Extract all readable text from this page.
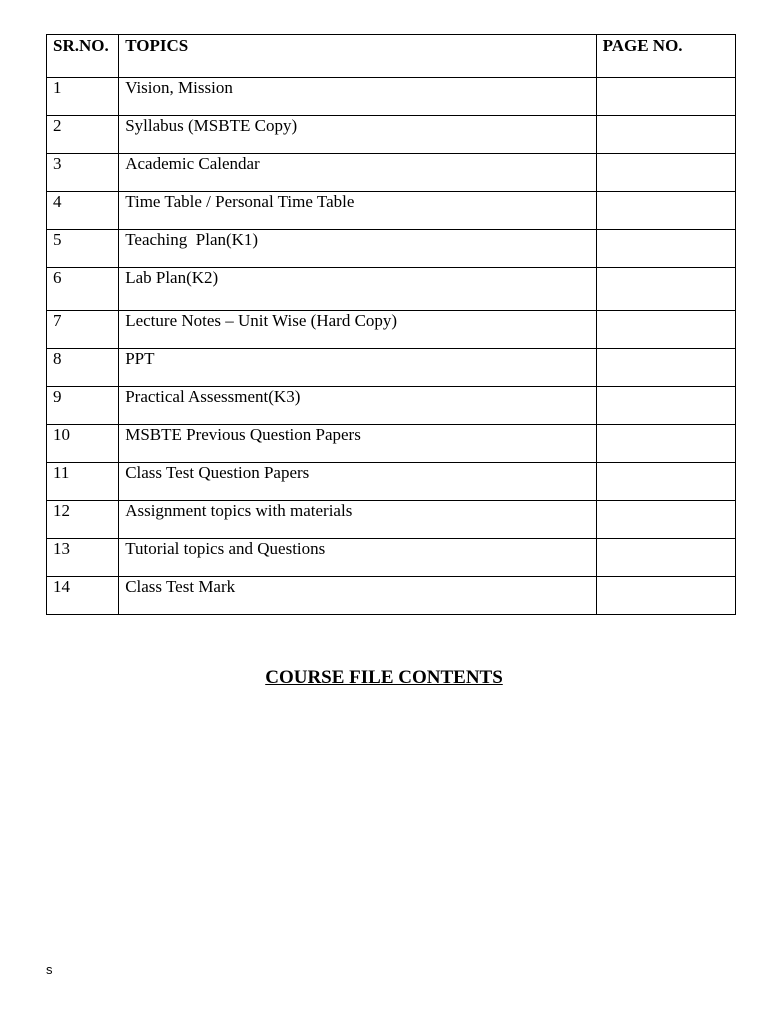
SR.NO.	TOPICS	PAGE NO.
1	Vision, Mission	
2	Syllabus (MSBTE Copy)	
3	Academic Calendar	
4	Time Table / Personal Time Table	
5	Teaching  Plan(K1)	
6	Lab Plan(K2)	
7	Lecture Notes – Unit Wise (Hard Copy)	
8	PPT	
9	Practical Assessment(K3)	
10	MSBTE Previous Question Papers	
11	Class Test Question Papers	
12	Assignment topics with materials	
13	Tutorial topics and Questions	
14	Class Test Mark	
COURSE FILE CONTENTS
s
